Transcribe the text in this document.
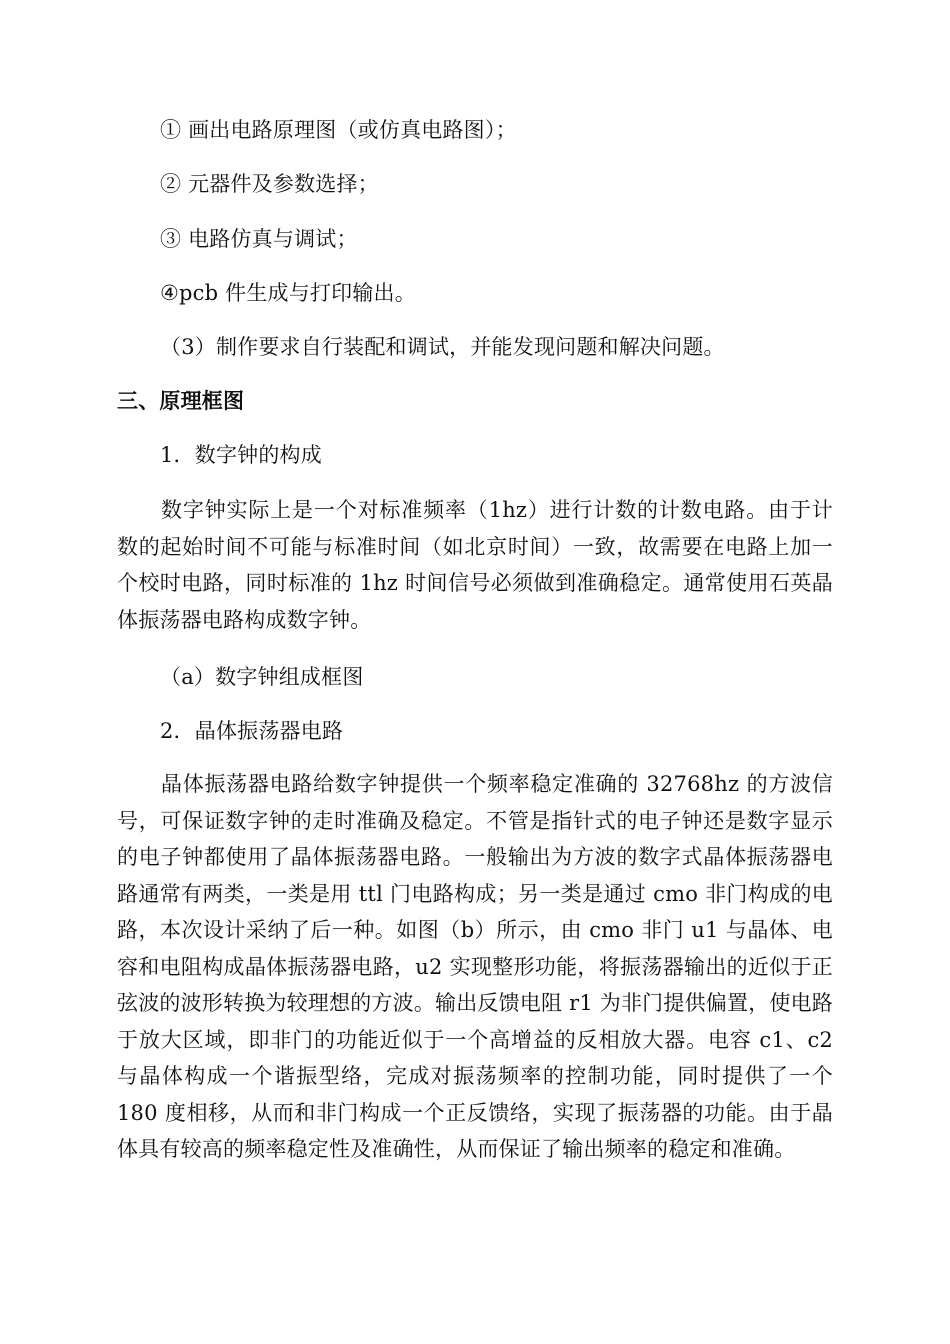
① 画出电路原理图（或仿真电路图）；
② 元器件及参数选择；
③ 电路仿真与调试；
④pcb 件生成与打印输出。
（3）制作要求自行装配和调试，并能发现问题和解决问题。
三、原理框图
1．数字钟的构成
数字钟实际上是一个对标准频率（1hz）进行计数的计数电路。由于计数的起始时间不可能与标准时间（如北京时间）一致，故需要在电路上加一个校时电路，同时标准的 1hz 时间信号必须做到准确稳定。通常使用石英晶体振荡器电路构成数字钟。
（a）数字钟组成框图
2．晶体振荡器电路
晶体振荡器电路给数字钟提供一个频率稳定准确的 32768hz 的方波信号，可保证数字钟的走时准确及稳定。不管是指针式的电子钟还是数字显示的电子钟都使用了晶体振荡器电路。一般输出为方波的数字式晶体振荡器电路通常有两类，一类是用 ttl 门电路构成；另一类是通过 cmo 非门构成的电路，本次设计采纳了后一种。如图（b）所示，由 cmo 非门 u1 与晶体、电容和电阻构成晶体振荡器电路，u2 实现整形功能，将振荡器输出的近似于正弦波的波形转换为较理想的方波。输出反馈电阻 r1 为非门提供偏置，使电路于放大区域，即非门的功能近似于一个高增益的反相放大器。电容 c1、c2 与晶体构成一个谐振型络，完成对振荡频率的控制功能，同时提供了一个 180 度相移，从而和非门构成一个正反馈络，实现了振荡器的功能。由于晶体具有较高的频率稳定性及准确性，从而保证了输出频率的稳定和准确。
